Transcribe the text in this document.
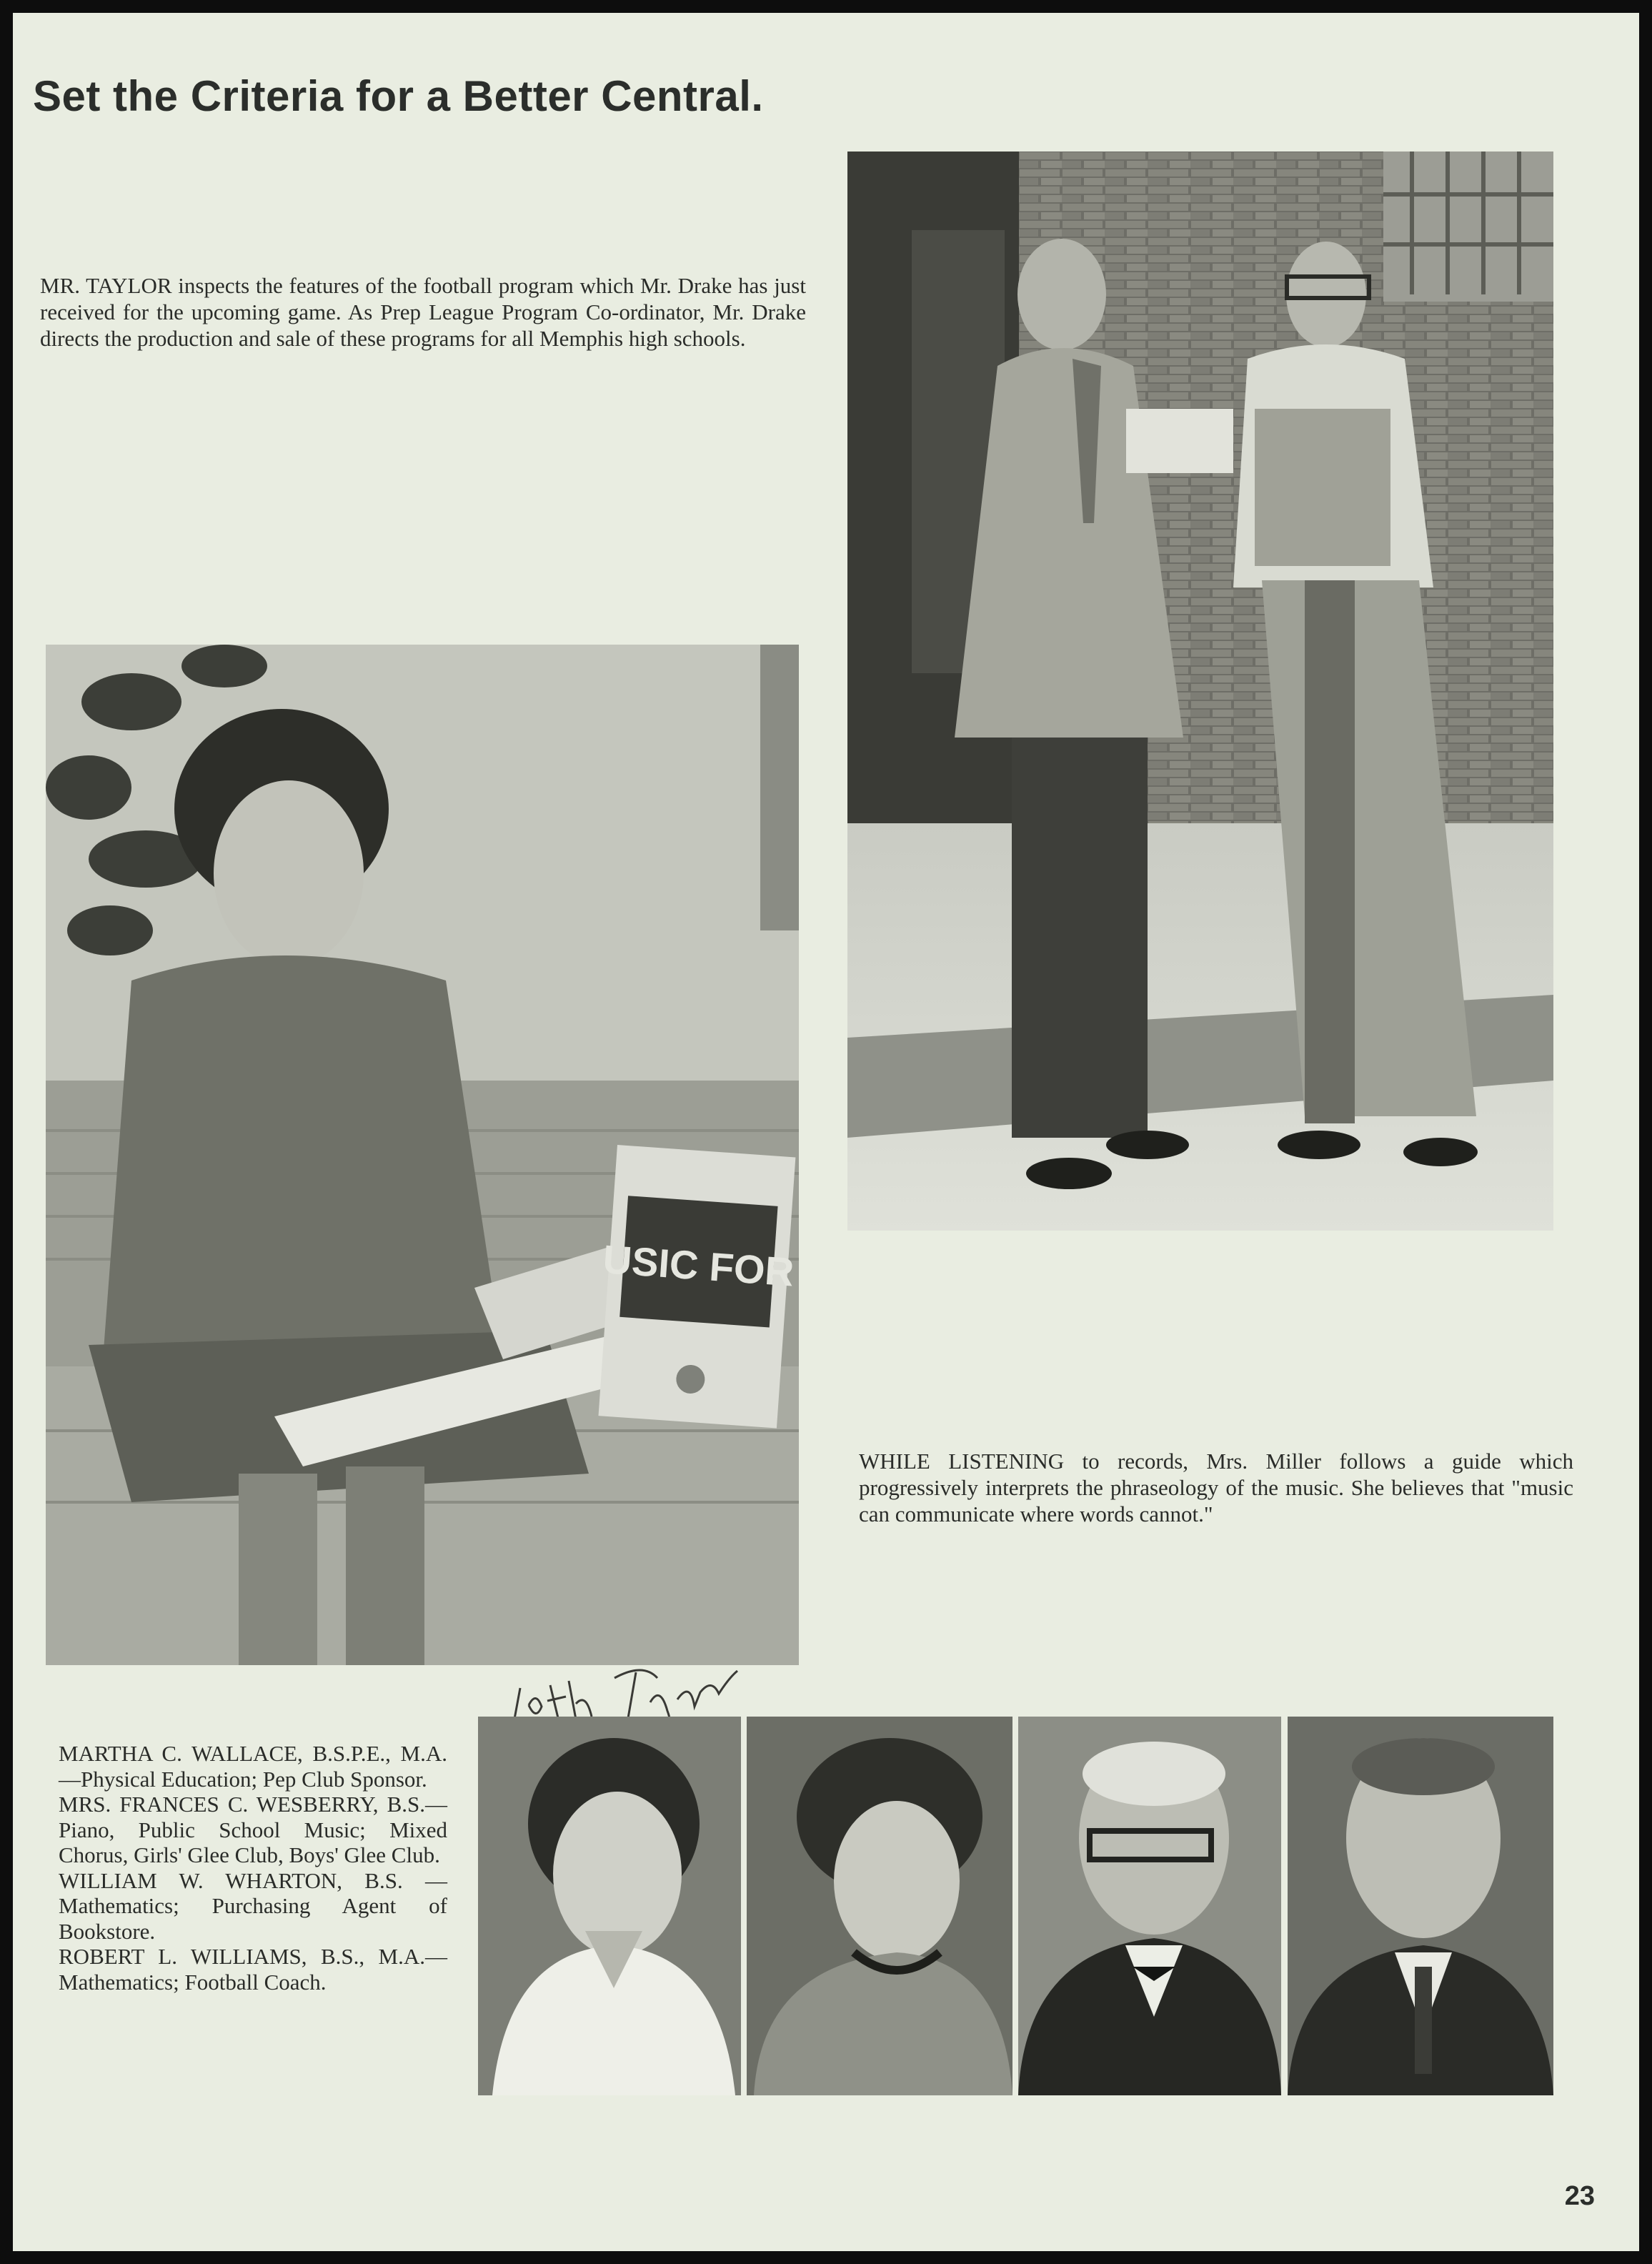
Set the Criteria for a Better Central.

MR. TAYLOR inspects the features of the football program which Mr. Drake has just received for the upcoming game. As Prep League Program Co-ordinator, Mr. Drake directs the production and sale of these programs for all Memphis high schools.

USIC FOR

WHILE LISTENING to records, Mrs. Miller follows a guide which progressively interprets the phraseology of the music. She believes that "music can communicate where words cannot."

MARTHA C. WALLACE, B.S.P.E., M.A.—Physical Education; Pep Club Sponsor.

MRS. FRANCES C. WESBERRY, B.S.—Piano, Public School Music; Mixed Chorus, Girls' Glee Club, Boys' Glee Club.

WILLIAM W. WHARTON, B.S. —Mathematics; Purchasing Agent of Bookstore.

ROBERT L. WILLIAMS, B.S., M.A.—Mathematics; Football Coach.

23
